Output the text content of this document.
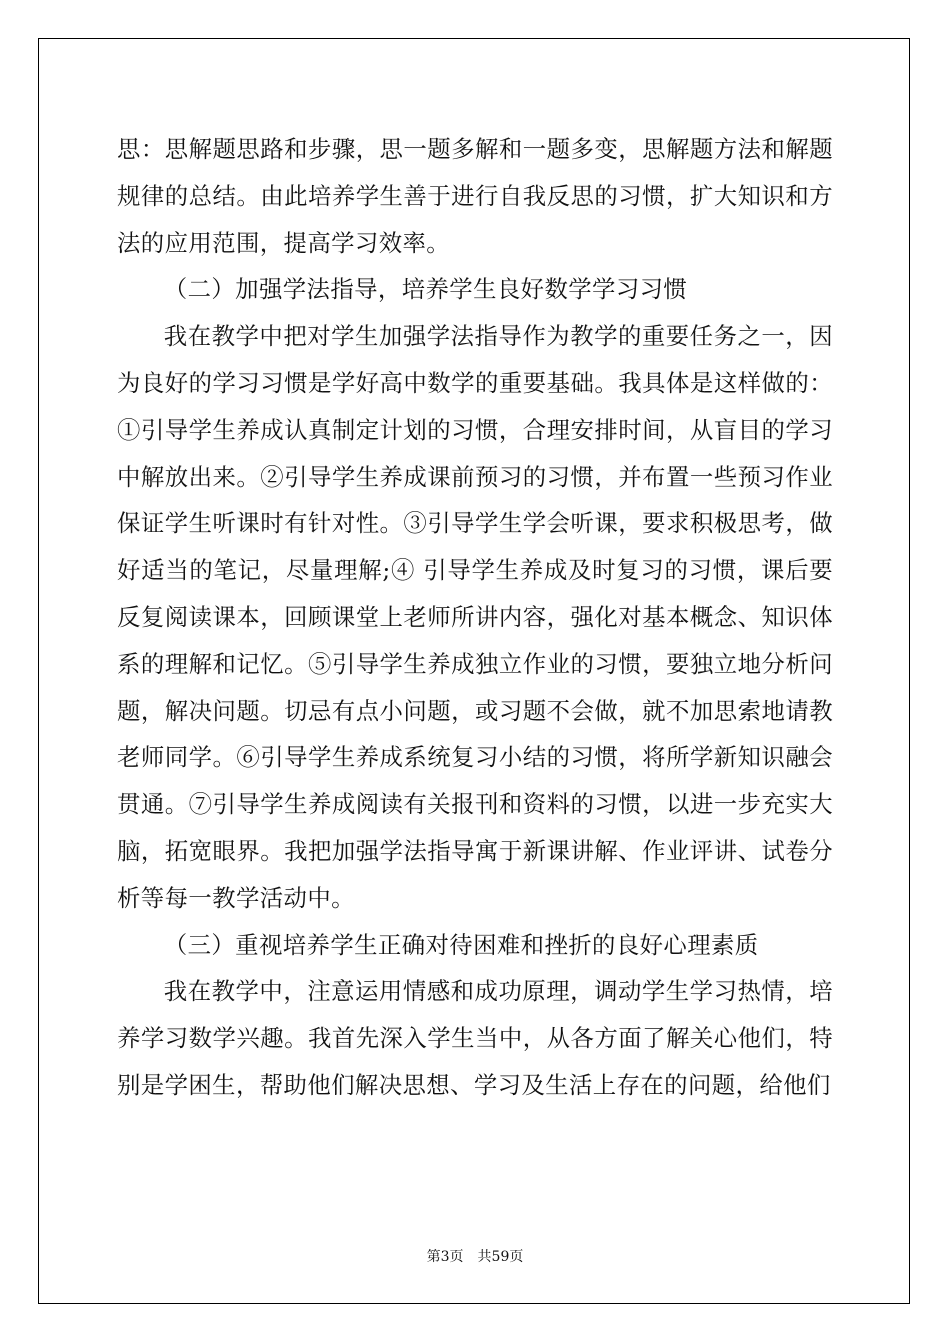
思：思解题思路和步骤，思一题多解和一题多变，思解题方法和解题规律的总结。由此培养学生善于进行自我反思的习惯，扩大知识和方法的应用范围，提高学习效率。

（二）加强学法指导，培养学生良好数学学习习惯

我在教学中把对学生加强学法指导作为教学的重要任务之一，因为良好的学习习惯是学好高中数学的重要基础。我具体是这样做的：①引导学生养成认真制定计划的习惯，合理安排时间，从盲目的学习中解放出来。②引导学生养成课前预习的习惯，并布置一些预习作业保证学生听课时有针对性。③引导学生学会听课，要求积极思考，做好适当的笔记，尽量理解;④ 引导学生养成及时复习的习惯，课后要反复阅读课本，回顾课堂上老师所讲内容，强化对基本概念、知识体系的理解和记忆。⑤引导学生养成独立作业的习惯，要独立地分析问题，解决问题。切忌有点小问题，或习题不会做，就不加思索地请教老师同学。⑥引导学生养成系统复习小结的习惯，将所学新知识融会贯通。⑦引导学生养成阅读有关报刊和资料的习惯，以进一步充实大脑，拓宽眼界。我把加强学法指导寓于新课讲解、作业评讲、试卷分析等每一教学活动中。

（三）重视培养学生正确对待困难和挫折的良好心理素质

我在教学中，注意运用情感和成功原理，调动学生学习热情，培养学习数学兴趣。我首先深入学生当中，从各方面了解关心他们，特别是学困生，帮助他们解决思想、学习及生活上存在的问题，给他们

第3页 共59页
